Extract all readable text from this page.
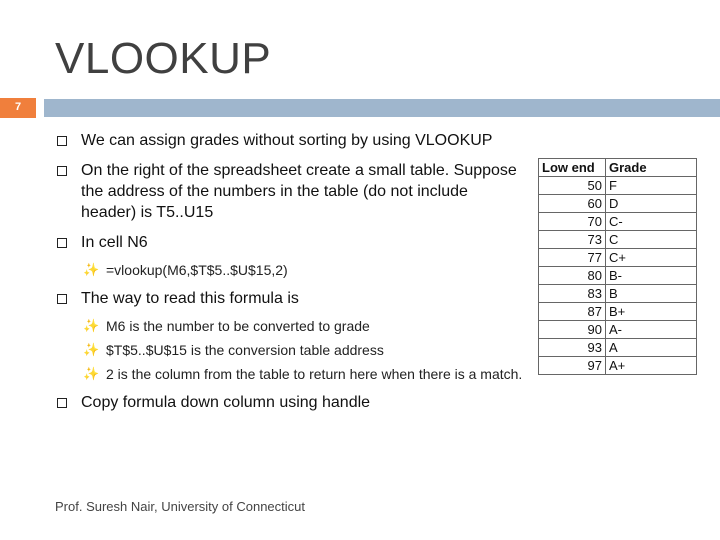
VLOOKUP
7
We can assign grades without sorting by using VLOOKUP
On the right of the spreadsheet create a small table. Suppose the address of the numbers in the table (do not include header) is T5..U15
In cell N6
✨ =vlookup(M6,$T$5..$U$15,2)
The way to read this formula is
✨ M6 is the number to be converted to grade
✨ $T$5..$U$15 is the conversion table address
✨ 2 is the column from the table to return here when there is a match.
Copy formula down column using handle
Low end	Grade
50	F
60	D
70	C-
73	C
77	C+
80	B-
83	B
87	B+
90	A-
93	A
97	A+
Prof. Suresh Nair, University of Connecticut
